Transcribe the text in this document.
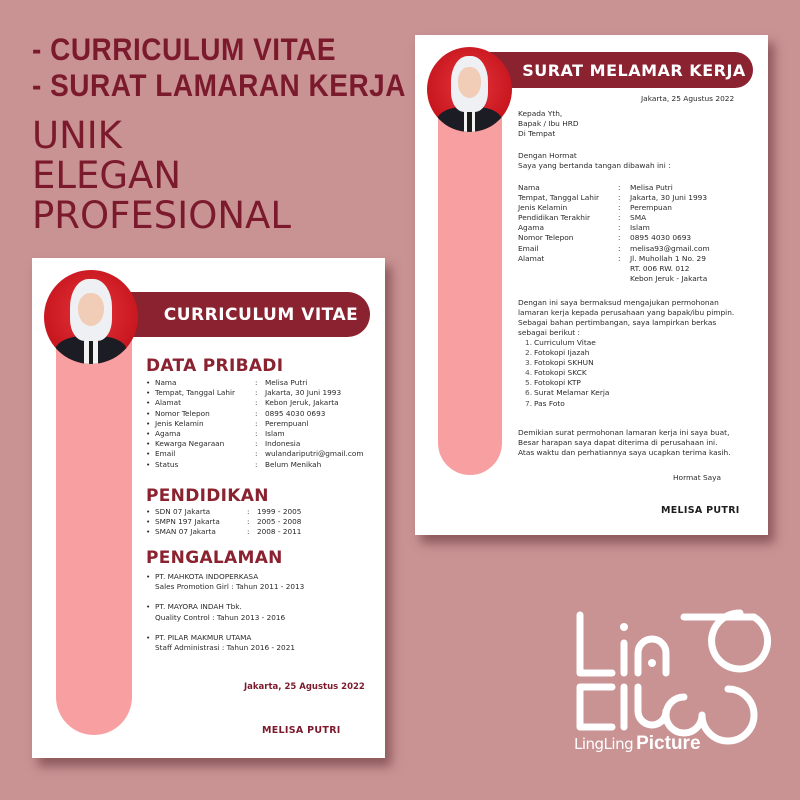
- CURRICULUM VITAE
- SURAT LAMARAN KERJA
UNIK
ELEGAN
PROFESIONAL
SURAT MELAMAR KERJA
Jakarta, 25 Agustus 2022
Kepada Yth,
Bapak / Ibu HRD
Di Tempat
Dengan Hormat
Saya yang bertanda tangan dibawah ini :
Nama	:	Melisa Putri
Tempat, Tanggal Lahir	:	Jakarta, 30 Juni 1993
Jenis Kelamin	:	Perempuan
Pendidikan Terakhir	:	SMA
Agama	:	Islam
Nomor Telepon	:	0895 4030 0693
Email	:	melisa93@gmail.com
Alamat	:	Jl. Muhollah 1 No. 29
RT. 006 RW. 012
Kebon Jeruk - Jakarta
Dengan ini saya bermaksud mengajukan permohonan
lamaran kerja kepada perusahaan yang bapak/ibu pimpin.
Sebagai bahan pertimbangan, saya lampirkan berkas
sebagai berikut :
1. Curriculum Vitae
2. Fotokopi Ijazah
3. Fotokopi SKHUN
4. Fotokopi SKCK
5. Fotokopi KTP
6. Surat Melamar Kerja
7. Pas Foto
Demikian surat permohonan lamaran kerja ini saya buat,
Besar harapan saya dapat diterima di perusahaan ini.
Atas waktu dan perhatiannya saya ucapkan terima kasih.
Hormat Saya
MELISA PUTRI
CURRICULUM VITAE
DATA PRIBADI
• Nama	:	Melisa Putri
• Tempat, Tanggal Lahir	:	Jakarta, 30 Juni 1993
• Alamat	:	Kebon Jeruk, Jakarta
• Nomor Telepon	:	0895 4030 0693
• Jenis Kelamin	:	Perempuanl
• Agama	:	Islam
• Kewarga Negaraan	:	Indonesia
• Email	:	wulandariputri@gmail.com
• Status	:	Belum Menikah
PENDIDIKAN
• SDN 07 Jakarta	:	1999 - 2005
• SMPN 197 Jakarta	:	2005 - 2008
• SMAN 07 Jakarta	:	2008 - 2011
PENGALAMAN
• PT. MAHKOTA INDOPERKASA
Sales Promotion Girl : Tahun 2011 - 2013
• PT. MAYORA INDAH Tbk.
Quality Control : Tahun 2013 - 2016
• PT. PILAR MAKMUR UTAMA
Staff Administrasi : Tahun 2016 - 2021
Jakarta, 25 Agustus 2022
MELISA PUTRI
LingLing Picture
